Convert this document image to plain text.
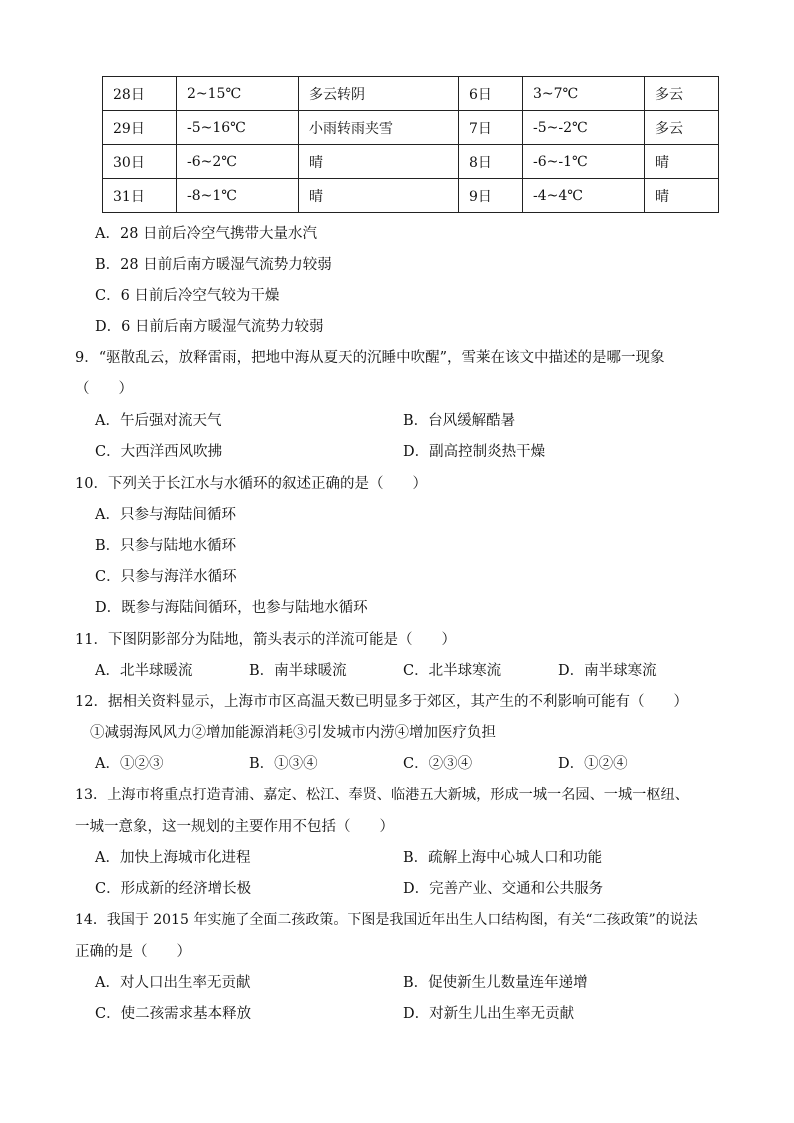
28日	2~15℃	多云转阴	6日	3~7℃	多云
29日	-5~16℃	小雨转雨夹雪	7日	-5~-2℃	多云
30日	-6~2℃	晴	8日	-6~-1℃	晴
31日	-8~1℃	晴	9日	-4~4℃	晴
A．28 日前后冷空气携带大量水汽
B．28 日前后南方暖湿气流势力较弱
C．6 日前后冷空气较为干燥
D．6 日前后南方暖湿气流势力较弱
9．“驱散乱云，放释雷雨，把地中海从夏天的沉睡中吹醒”，雪莱在该文中描述的是哪一现象
（　　）
A．午后强对流天气	B．台风缓解酷暑
C．大西洋西风吹拂	D．副高控制炎热干燥
10．下列关于长江水与水循环的叙述正确的是（　　）
A．只参与海陆间循环
B．只参与陆地水循环
C．只参与海洋水循环
D．既参与海陆间循环，也参与陆地水循环
11．下图阴影部分为陆地，箭头表示的洋流可能是（　　）
A．北半球暖流	B．南半球暖流	C．北半球寒流	D．南半球寒流
12．据相关资料显示，上海市市区高温天数已明显多于郊区，其产生的不利影响可能有（　　）
①减弱海风风力②增加能源消耗③引发城市内涝④增加医疗负担
A．①②③	B．①③④	C．②③④	D．①②④
13．上海市将重点打造青浦、嘉定、松江、奉贤、临港五大新城，形成一城一名园、一城一枢纽、
一城一意象，这一规划的主要作用不包括（　　）
A．加快上海城市化进程	B．疏解上海中心城人口和功能
C．形成新的经济增长极	D．完善产业、交通和公共服务
14．我国于 2015 年实施了全面二孩政策。下图是我国近年出生人口结构图，有关“二孩政策”的说法
正确的是（　　）
A．对人口出生率无贡献	B．促使新生儿数量连年递增
C．使二孩需求基本释放	D．对新生儿出生率无贡献
